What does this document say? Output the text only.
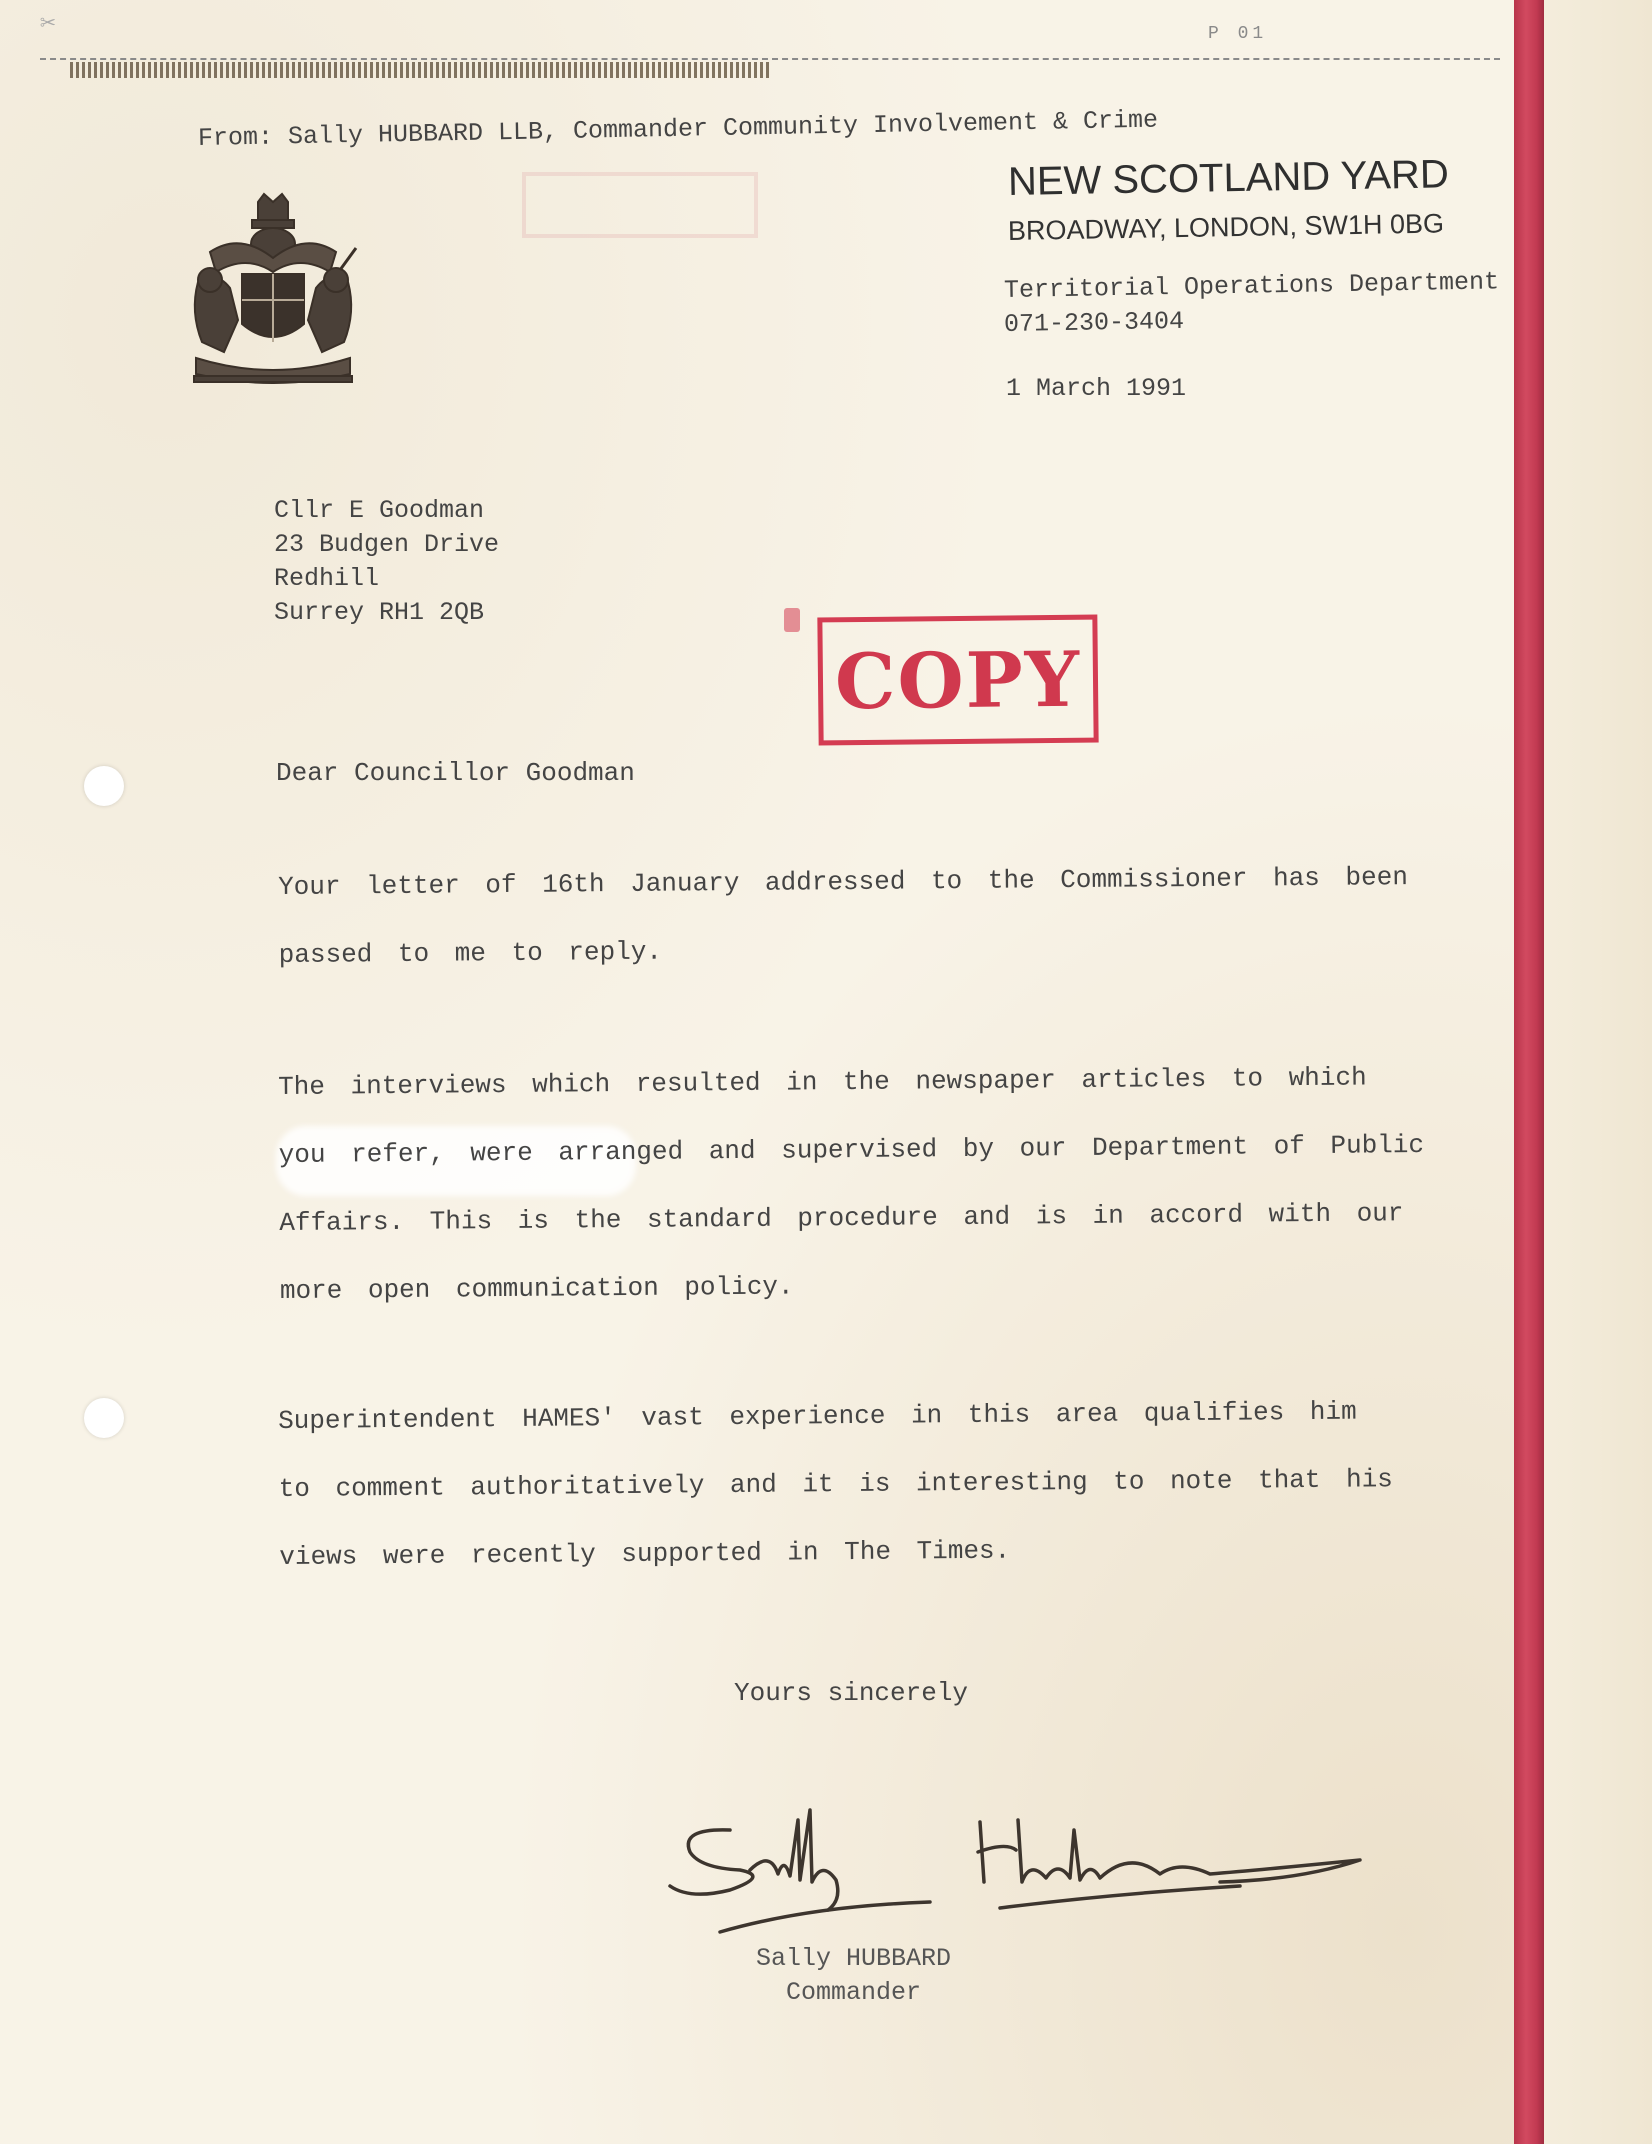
✂	P 01
From: Sally HUBBARD LLB, Commander Community Involvement & Crime
NEW SCOTLAND YARD
BROADWAY, LONDON, SW1H 0BG
Territorial Operations Department
071-230-3404
1 March 1991
Cllr E Goodman
23 Budgen Drive
Redhill
Surrey RH1 2QB
COPY
Dear Councillor Goodman
Your letter of 16th January addressed to the Commissioner has been
passed to me to reply.
The interviews which resulted in the newspaper articles to which
you refer, were arranged and supervised by our Department of Public
Affairs. This is the standard procedure and is in accord with our
more open communication policy.
Superintendent HAMES' vast experience in this area qualifies him
to comment authoritatively and it is interesting to note that his
views were recently supported in The Times.
Yours sincerely
Sally HUBBARD
Commander
